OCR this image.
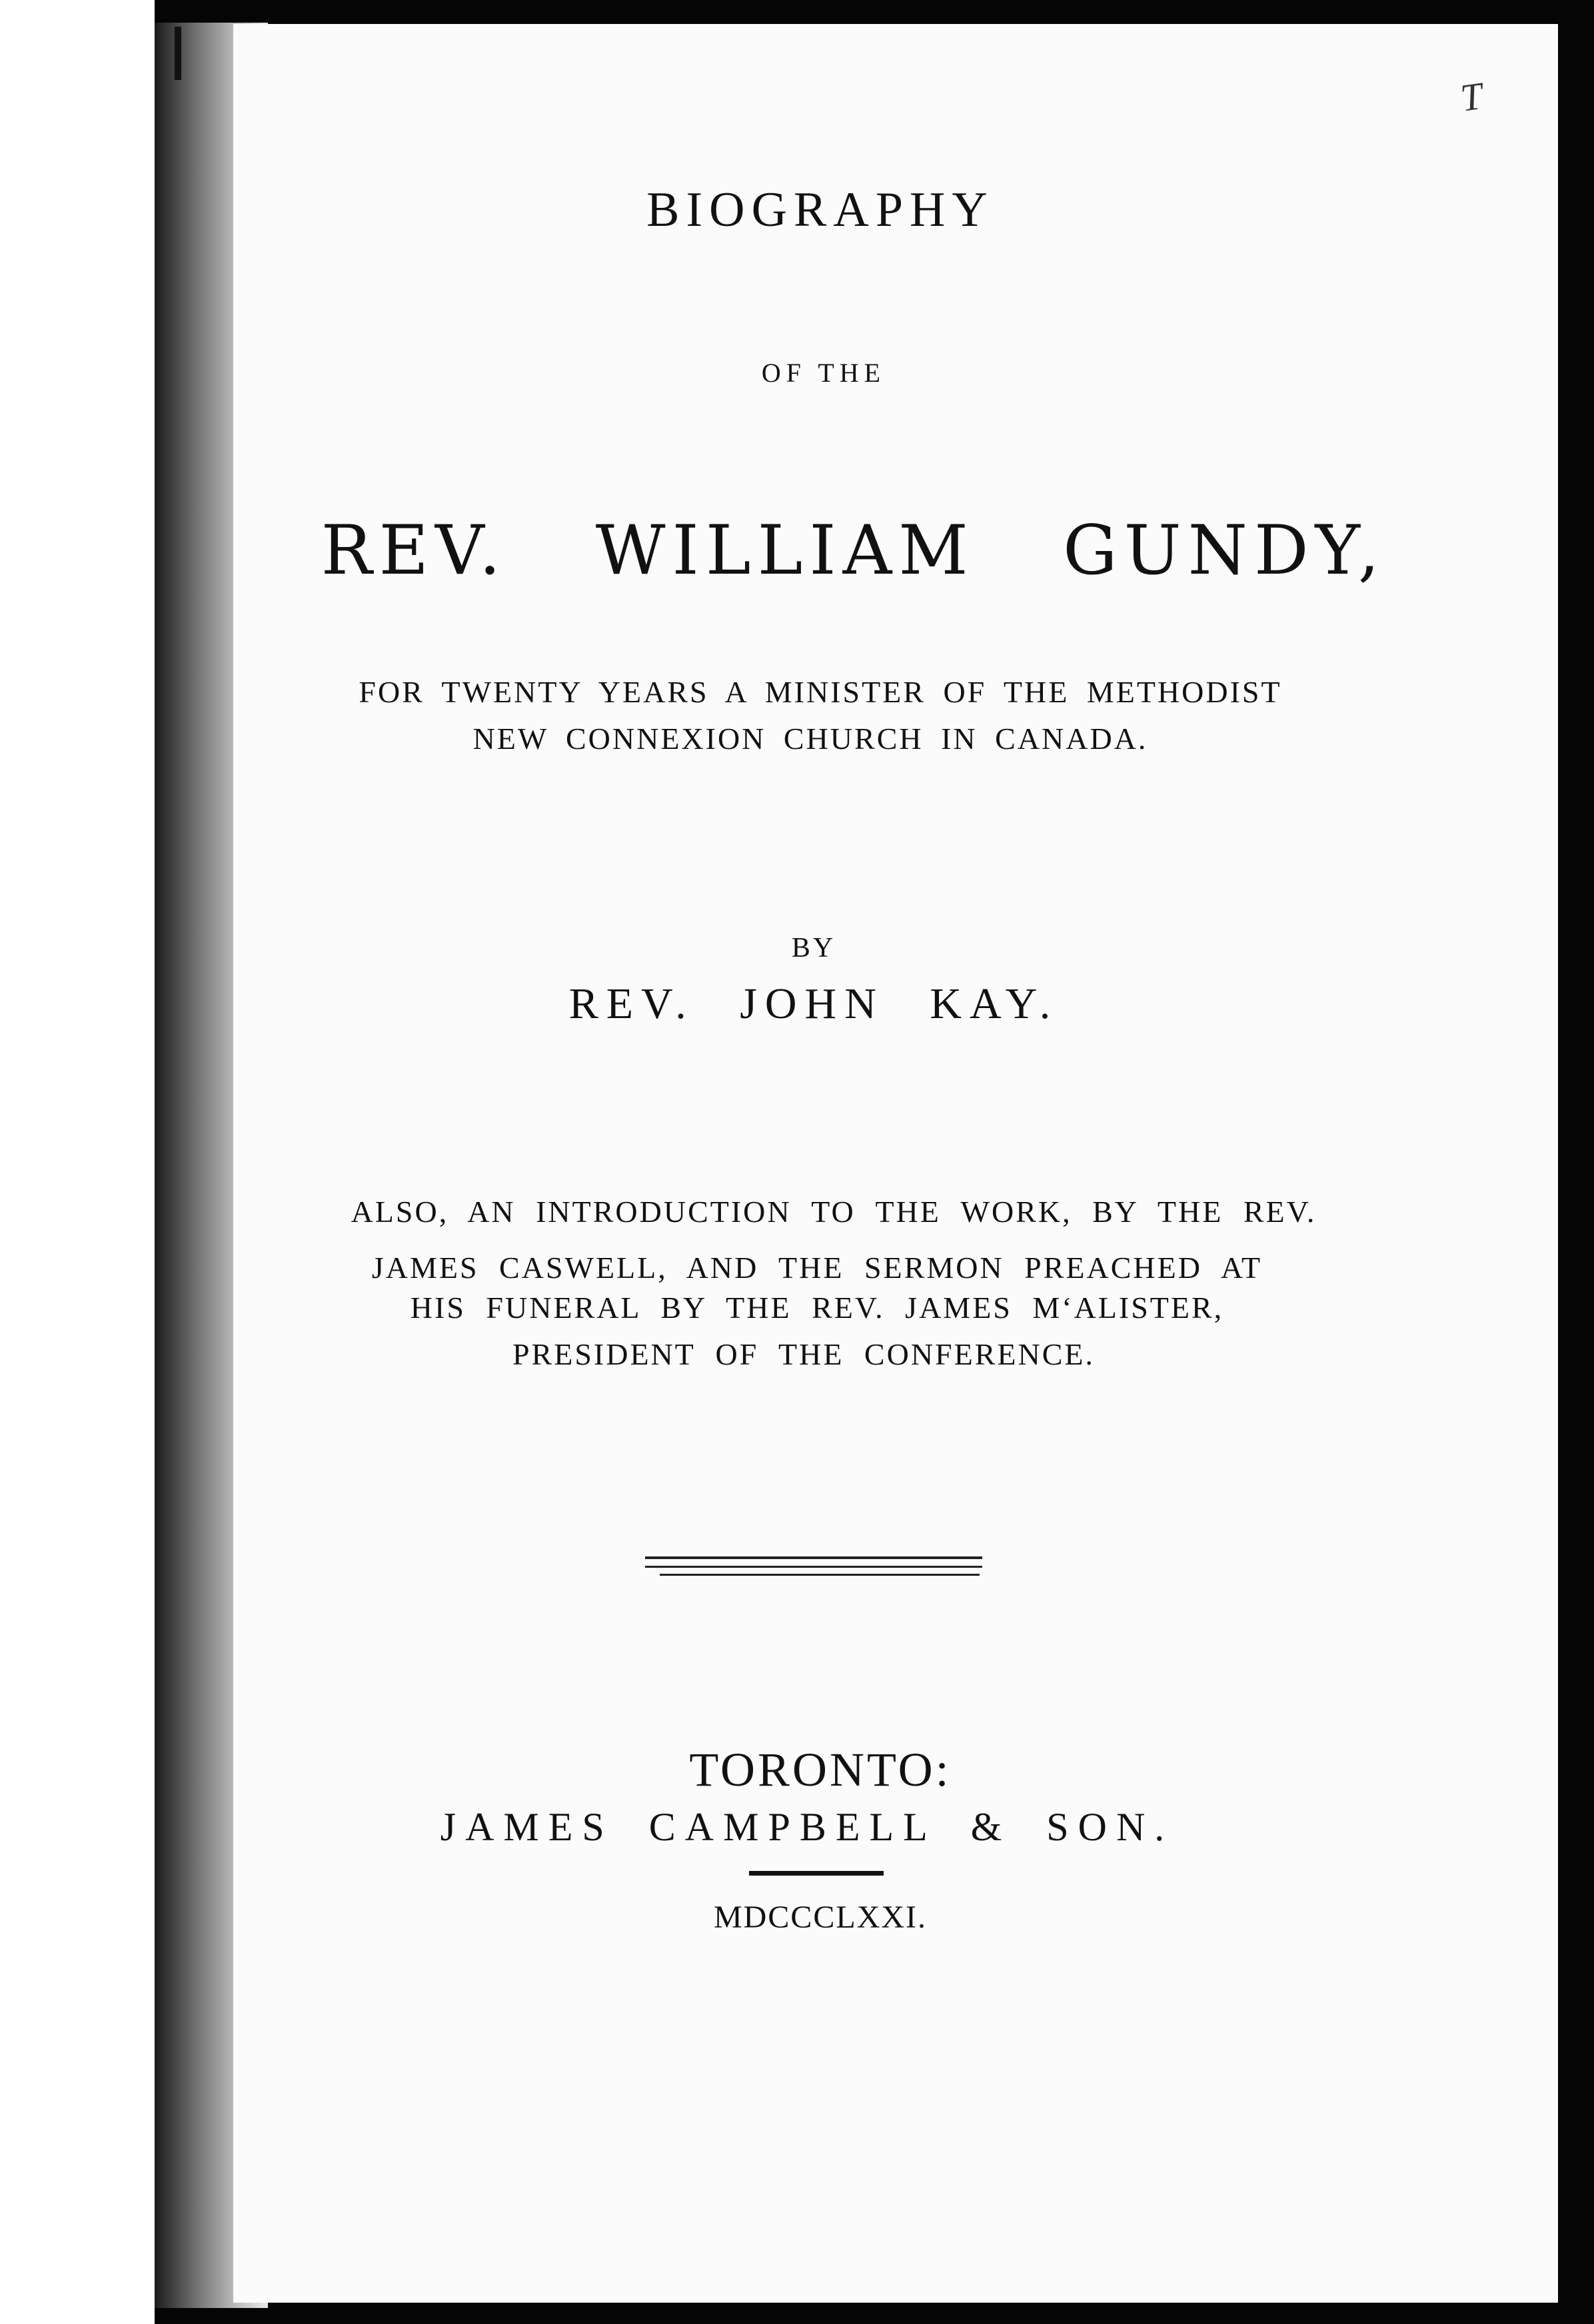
T
BIOGRAPHY

OF THE

REV. WILLIAM GUNDY,

FOR TWENTY YEARS A MINISTER OF THE METHODIST

NEW CONNEXION CHURCH IN CANADA.

BY

REV. JOHN KAY.

ALSO, AN INTRODUCTION TO THE WORK, BY THE REV.

JAMES CASWELL, AND THE SERMON PREACHED AT

HIS FUNERAL BY THE REV. JAMES M‘ALISTER,

PRESIDENT OF THE CONFERENCE.

TORONTO:

JAMES CAMPBELL & SON.

MDCCCLXXI.
